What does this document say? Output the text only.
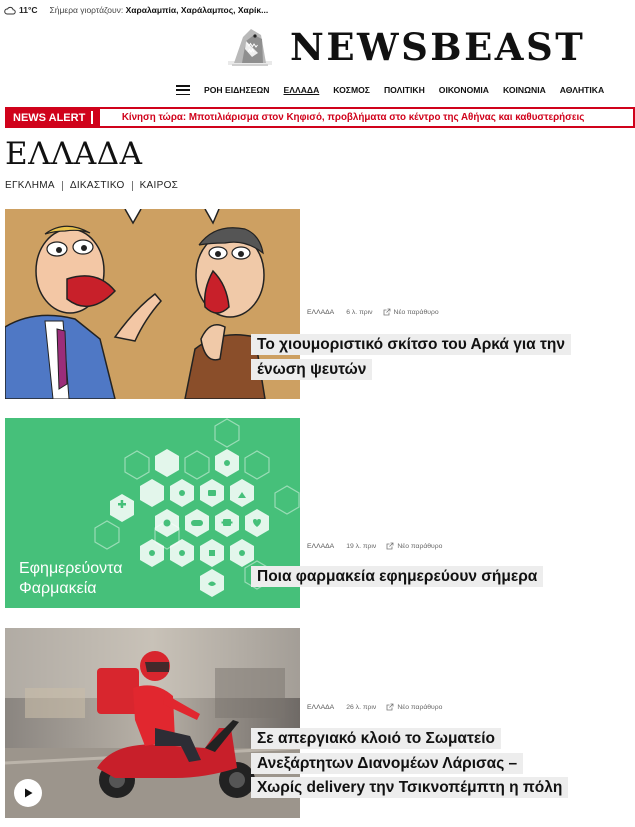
11°C Σήμερα γιορτάζουν: Χαραλαμπία, Χαράλαμπος, Χαρίκ...
NEWSBEAST
ΡΟΗ ΕΙΔΗΣΕΩΝ ΕΛΛΑΔΑ ΚΟΣΜΟΣ ΠΟΛΙΤΙΚΗ ΟΙΚΟΝΟΜΙΑ ΚΟΙΝΩΝΙΑ ΑΘΛΗΤΙΚΑ
NEWS ALERT	Κίνηση τώρα: Μποτιλιάρισμα στον Κηφισό, προβλήματα στο κέντρο της Αθήνας και καθυστερήσεις
ΕΛΛΑΔΑ
ΕΓΚΛΗΜΑ ΔΙΚΑΣΤΙΚΟ ΚΑΙΡΟΣ
ΕΛΛΑΔΑ 6 λ. πριν	Νέο παράθυρο
Το χιουμοριστικό σκίτσο του Αρκά για την
ένωση ψευτών
Εφημερεύοντα
Φαρμακεία
ΕΛΛΑΔΑ 19 λ. πριν	Νέο παράθυρο
Ποια φαρμακεία εφημερεύουν σήμερα
ΕΛΛΑΔΑ 26 λ. πριν	Νέο παράθυρο
Σε απεργιακό κλοιό το Σωματείο
Ανεξάρτητων Διανομέων Λάρισας –
Χωρίς delivery την Τσικνοπέμπτη η πόλη
